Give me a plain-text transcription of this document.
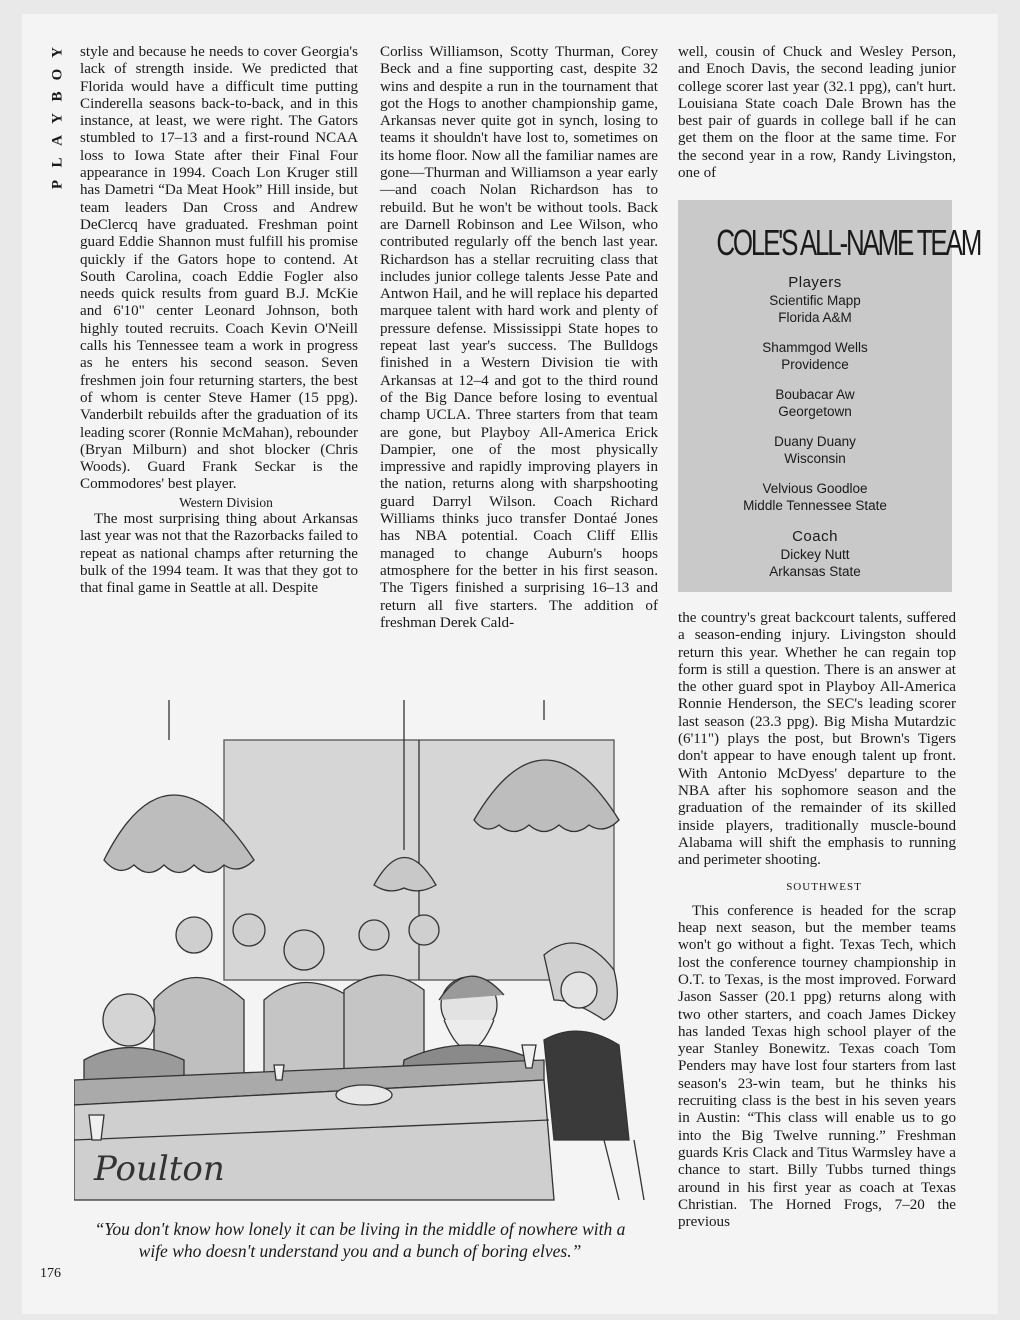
Y
O
B
Y
A
L
P

style and because he needs to cover Georgia's lack of strength inside. We predicted that Florida would have a difficult time putting Cinderella seasons back-to-back, and in this instance, at least, we were right. The Gators stumbled to 17–13 and a first-round NCAA loss to Iowa State after their Final Four appearance in 1994. Coach Lon Kruger still has Dametri “Da Meat Hook” Hill inside, but team leaders Dan Cross and Andrew DeClercq have graduated. Freshman point guard Eddie Shannon must fulfill his promise quickly if the Gators hope to contend. At South Carolina, coach Eddie Fogler also needs quick results from guard B.J. McKie and 6'10" center Leonard Johnson, both highly touted recruits. Coach Kevin O'Neill calls his Tennessee team a work in progress as he enters his second season. Seven freshmen join four returning starters, the best of whom is center Steve Hamer (15 ppg). Vanderbilt rebuilds after the graduation of its leading scorer (Ronnie McMahan), rebounder (Bryan Milburn) and shot blocker (Chris Woods). Guard Frank Seckar is the Commodores' best player.

Western Division

The most surprising thing about Arkansas last year was not that the Razorbacks failed to repeat as national champs after returning the bulk of the 1994 team. It was that they got to that final game in Seattle at all. Despite

Corliss Williamson, Scotty Thurman, Corey Beck and a fine supporting cast, despite 32 wins and despite a run in the tournament that got the Hogs to another championship game, Arkansas never quite got in synch, losing to teams it shouldn't have lost to, sometimes on its home floor. Now all the familiar names are gone—Thurman and Williamson a year early—and coach Nolan Richardson has to rebuild. But he won't be without tools. Back are Darnell Robinson and Lee Wilson, who contributed regularly off the bench last year. Richardson has a stellar recruiting class that includes junior college talents Jesse Pate and Antwon Hail, and he will replace his departed marquee talent with hard work and plenty of pressure defense. Mississippi State hopes to repeat last year's success. The Bulldogs finished in a Western Division tie with Arkansas at 12–4 and got to the third round of the Big Dance before losing to eventual champ UCLA. Three starters from that team are gone, but Playboy All-America Erick Dampier, one of the most physically impressive and rapidly improving players in the nation, returns along with sharpshooting guard Darryl Wilson. Coach Richard Williams thinks juco transfer Dontaé Jones has NBA potential. Coach Cliff Ellis managed to change Auburn's hoops atmosphere for the better in his first season. The Tigers finished a surprising 16–13 and return all five starters. The addition of freshman Derek Cald-

well, cousin of Chuck and Wesley Person, and Enoch Davis, the second leading junior college scorer last year (32.1 ppg), can't hurt. Louisiana State coach Dale Brown has the best pair of guards in college ball if he can get them on the floor at the same time. For the second year in a row, Randy Livingston, one of

COLE'S ALL-NAME TEAM
Players
Scientific Mapp
Florida A&M
Shammgod Wells
Providence
Boubacar Aw
Georgetown
Duany Duany
Wisconsin
Velvious Goodloe
Middle Tennessee State
Coach
Dickey Nutt
Arkansas State

the country's great backcourt talents, suffered a season-ending injury. Livingston should return this year. Whether he can regain top form is still a question. There is an answer at the other guard spot in Playboy All-America Ronnie Henderson, the SEC's leading scorer last season (23.3 ppg). Big Misha Mutardzic (6'11") plays the post, but Brown's Tigers don't appear to have enough talent up front. With Antonio McDyess' departure to the NBA after his sophomore season and the graduation of the remainder of its skilled inside players, traditionally muscle-bound Alabama will shift the emphasis to running and perimeter shooting.

SOUTHWEST

This conference is headed for the scrap heap next season, but the member teams won't go without a fight. Texas Tech, which lost the conference tourney championship in O.T. to Texas, is the most improved. Forward Jason Sasser (20.1 ppg) returns along with two other starters, and coach James Dickey has landed Texas high school player of the year Stanley Bonewitz. Texas coach Tom Penders may have lost four starters from last season's 23-win team, but he thinks his recruiting class is the best in his seven years in Austin: “This class will enable us to go into the Big Twelve running.” Freshman guards Kris Clack and Titus Warmsley have a chance to start. Billy Tubbs turned things around in his first year as coach at Texas Christian. The Horned Frogs, 7–20 the previous

Poulton
“You don't know how lonely it can be living in the middle of nowhere with a wife who doesn't understand you and a bunch of boring elves.”
176
